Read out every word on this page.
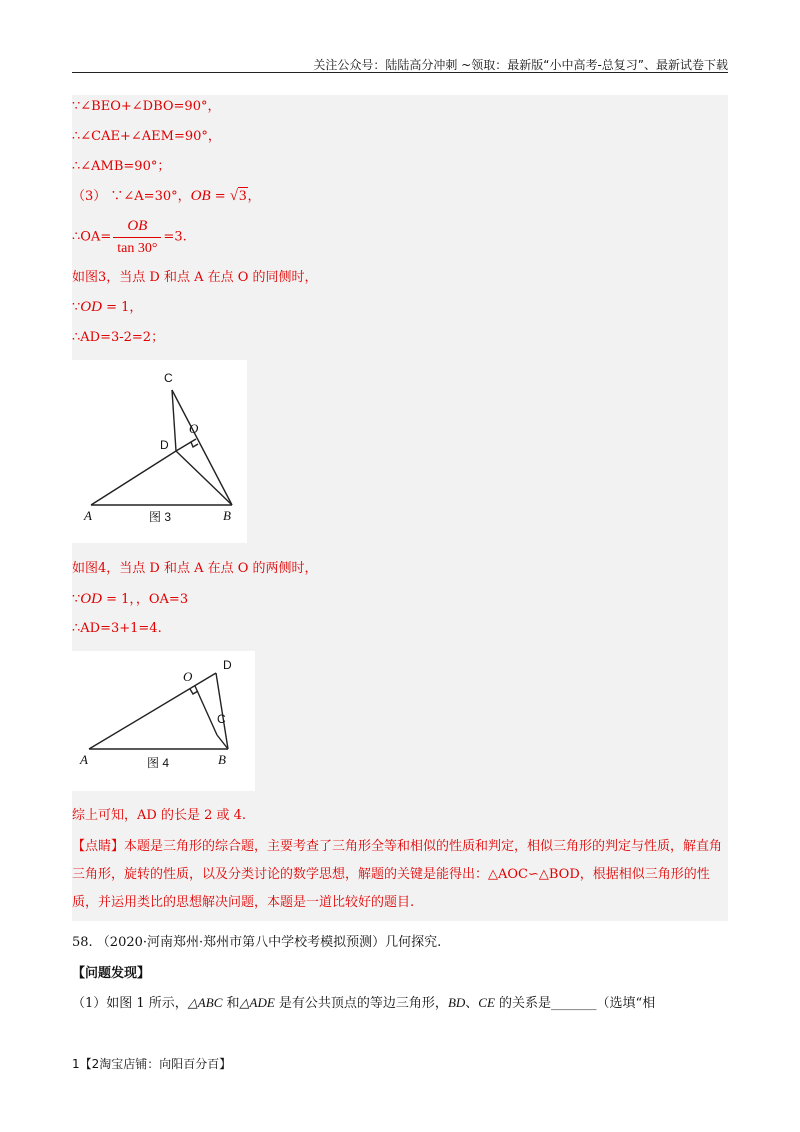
关注公众号：陆陆高分冲刺 ~领取：最新版“小中高考-总复习”、最新试卷下载
∵∠BEO+∠DBO=90°，
∴∠CAE+∠AEM=90°，
∴∠AMB=90°；
（3） ∵∠A=30°，OB = √3，
∴OA= $\frac{OB}{\tan 30^\circ} =3$.
如图3，当点 D 和点 A 在点 O 的同侧时，
∵OD = 1，
∴AD=3-2=2；
C
D
O
A	B
图 3
如图4，当点 D 和点 A 在点 O 的两侧时，
∵OD = 1，，OA=3
∴AD=3+1=4.
D
O
C
A	B
图 4
综上可知，AD 的长是 2 或 4.
【点睛】本题是三角形的综合题，主要考查了三角形全等和相似的性质和判定，相似三角形的判定与性质，解直角三角形，旋转的性质，以及分类讨论的数学思想，解题的关键是能得出：△AOC∽△BOD，根据相似三角形的性质，并运用类比的思想解决问题，本题是一道比较好的题目.
58. （2020·河南郑州·郑州市第八中学校考模拟预测）几何探究.
【问题发现】
（1）如图 1 所示，△ABC 和△ADE 是有公共顶点的等边三角形，BD、CE 的关系是_______（选填“相
1【2淘宝店铺：向阳百分百】
